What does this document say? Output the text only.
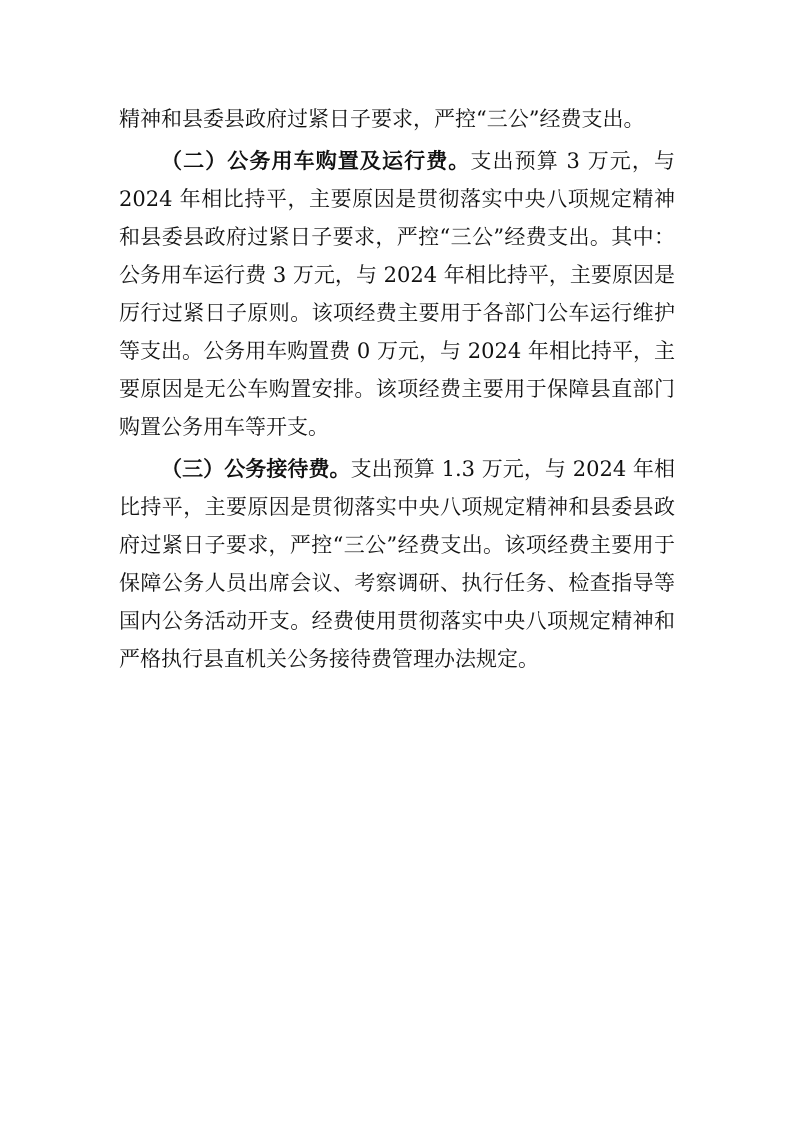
精神和县委县政府过紧日子要求，严控“三公”经费支出。

（二）公务用车购置及运行费。支出预算 3 万元，与 2024 年相比持平，主要原因是贯彻落实中央八项规定精神和县委县政府过紧日子要求，严控“三公”经费支出。其中：公务用车运行费 3 万元，与 2024 年相比持平，主要原因是厉行过紧日子原则。该项经费主要用于各部门公车运行维护等支出。公务用车购置费 0 万元，与 2024 年相比持平，主要原因是无公车购置安排。该项经费主要用于保障县直部门购置公务用车等开支。

（三）公务接待费。支出预算 1.3 万元，与 2024 年相比持平，主要原因是贯彻落实中央八项规定精神和县委县政府过紧日子要求，严控“三公”经费支出。该项经费主要用于保障公务人员出席会议、考察调研、执行任务、检查指导等国内公务活动开支。经费使用贯彻落实中央八项规定精神和严格执行县直机关公务接待费管理办法规定。
